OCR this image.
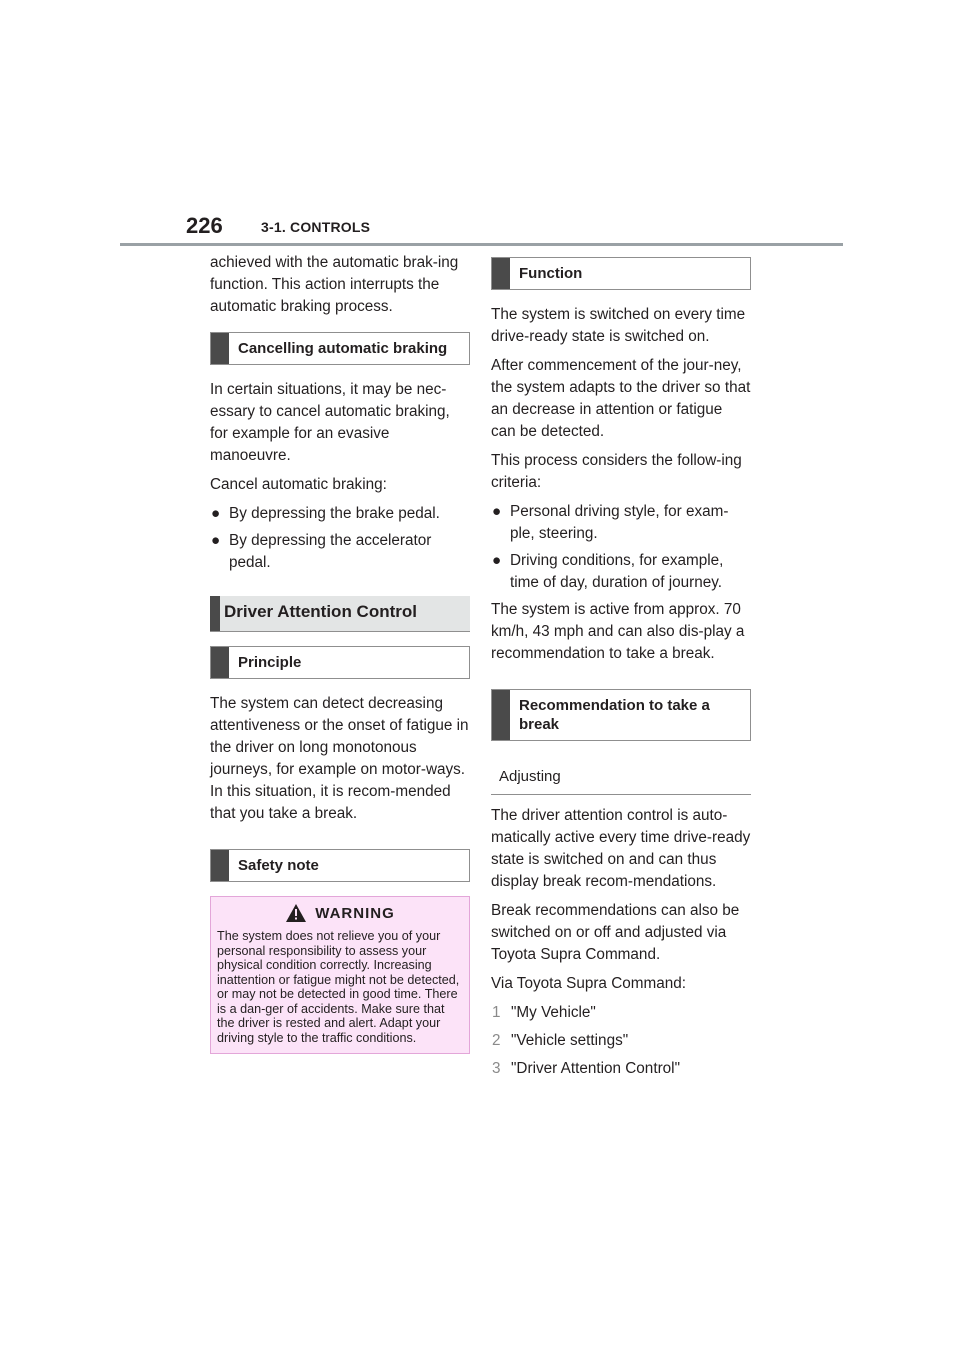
226	3-1. CONTROLS

achieved with the automatic brak-ing function. This action interrupts the automatic braking process.

Cancelling automatic braking

In certain situations, it may be nec-essary to cancel automatic braking, for example for an evasive manoeuvre.

Cancel automatic braking:

● By depressing the brake pedal.
● By depressing the accelerator pedal.
Driver Attention Control
Principle

The system can detect decreasing attentiveness or the onset of fatigue in the driver on long monotonous journeys, for example on motor-ways. In this situation, it is recom-mended that you take a break.

Safety note
WARNING
The system does not relieve you of your personal responsibility to assess your physical condition correctly. Increasing inattention or fatigue might not be detected, or may not be detected in good time. There is a dan-ger of accidents. Make sure that the driver is rested and alert. Adapt your driving style to the traffic conditions.
Function

The system is switched on every time drive-ready state is switched on.

After commencement of the jour-ney, the system adapts to the driver so that an decrease in attention or fatigue can be detected.

This process considers the follow-ing criteria:

● Personal driving style, for exam-ple, steering.
● Driving conditions, for example, time of day, duration of journey.

The system is active from approx. 70 km/h, 43 mph and can also dis-play a recommendation to take a break.

Recommendation to take a break
Adjusting

The driver attention control is auto-matically active every time drive-ready state is switched on and can thus display break recom-mendations.

Break recommendations can also be switched on or off and adjusted via Toyota Supra Command.

Via Toyota Supra Command:

1 "My Vehicle"
2 "Vehicle settings"
3 "Driver Attention Control"
